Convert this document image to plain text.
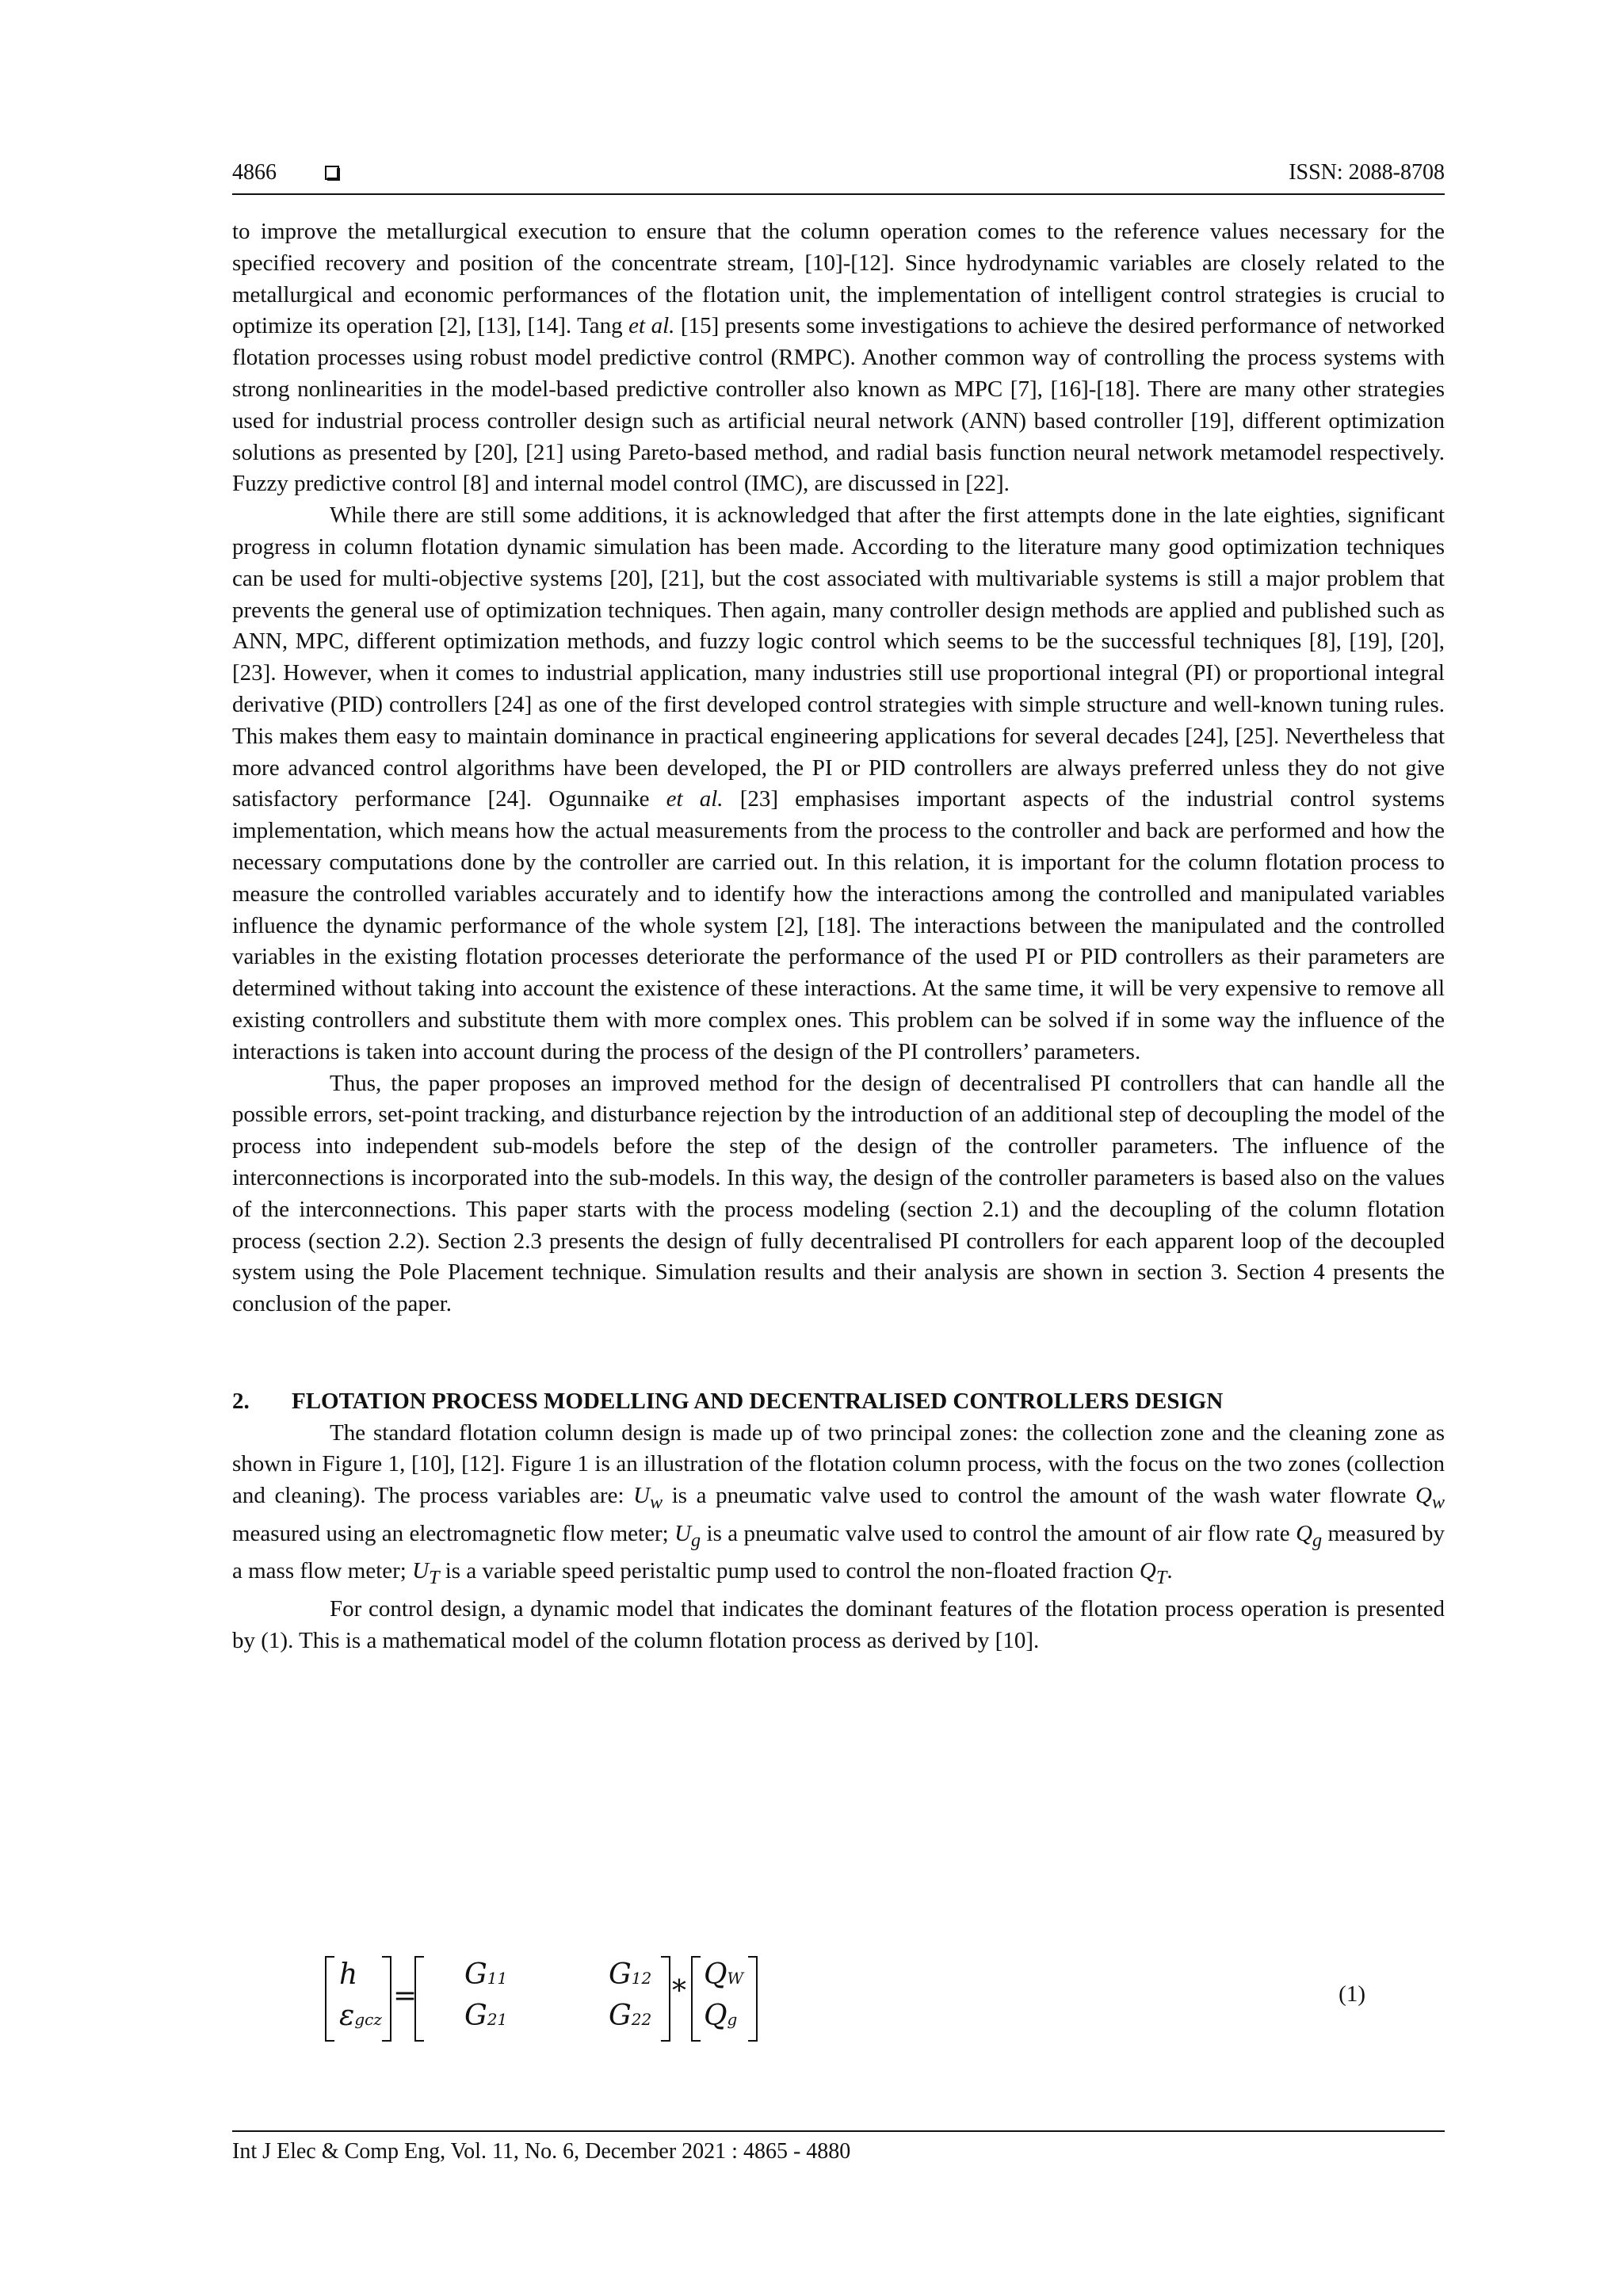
4866	ISSN: 2088-8708

to improve the metallurgical execution to ensure that the column operation comes to the reference values necessary for the specified recovery and position of the concentrate stream, [10]-[12]. Since hydrodynamic variables are closely related to the metallurgical and economic performances of the flotation unit, the implementation of intelligent control strategies is crucial to optimize its operation [2], [13], [14]. Tang et al. [15] presents some investigations to achieve the desired performance of networked flotation processes using robust model predictive control (RMPC). Another common way of controlling the process systems with strong nonlinearities in the model-based predictive controller also known as MPC [7], [16]-[18]. There are many other strategies used for industrial process controller design such as artificial neural network (ANN) based controller [19], different optimization solutions as presented by [20], [21] using Pareto-based method, and radial basis function neural network metamodel respectively. Fuzzy predictive control [8] and internal model control (IMC), are discussed in [22].

While there are still some additions, it is acknowledged that after the first attempts done in the late eighties, significant progress in column flotation dynamic simulation has been made. According to the literature many good optimization techniques can be used for multi-objective systems [20], [21], but the cost associated with multivariable systems is still a major problem that prevents the general use of optimization techniques. Then again, many controller design methods are applied and published such as ANN, MPC, different optimization methods, and fuzzy logic control which seems to be the successful techniques [8], [19], [20], [23]. However, when it comes to industrial application, many industries still use proportional integral (PI) or proportional integral derivative (PID) controllers [24] as one of the first developed control strategies with simple structure and well-known tuning rules. This makes them easy to maintain dominance in practical engineering applications for several decades [24], [25]. Nevertheless that more advanced control algorithms have been developed, the PI or PID controllers are always preferred unless they do not give satisfactory performance [24]. Ogunnaike et al. [23] emphasises important aspects of the industrial control systems implementation, which means how the actual measurements from the process to the controller and back are performed and how the necessary computations done by the controller are carried out. In this relation, it is important for the column flotation process to measure the controlled variables accurately and to identify how the interactions among the controlled and manipulated variables influence the dynamic performance of the whole system [2], [18]. The interactions between the manipulated and the controlled variables in the existing flotation processes deteriorate the performance of the used PI or PID controllers as their parameters are determined without taking into account the existence of these interactions. At the same time, it will be very expensive to remove all existing controllers and substitute them with more complex ones. This problem can be solved if in some way the influence of the interactions is taken into account during the process of the design of the PI controllers’ parameters.

Thus, the paper proposes an improved method for the design of decentralised PI controllers that can handle all the possible errors, set-point tracking, and disturbance rejection by the introduction of an additional step of decoupling the model of the process into independent sub-models before the step of the design of the controller parameters. The influence of the interconnections is incorporated into the sub-models. In this way, the design of the controller parameters is based also on the values of the interconnections. This paper starts with the process modeling (section 2.1) and the decoupling of the column flotation process (section 2.2). Section 2.3 presents the design of fully decentralised PI controllers for each apparent loop of the decoupled system using the Pole Placement technique. Simulation results and their analysis are shown in section 3. Section 4 presents the conclusion of the paper.

2. FLOTATION PROCESS MODELLING AND DECENTRALISED CONTROLLERS DESIGN

The standard flotation column design is made up of two principal zones: the collection zone and the cleaning zone as shown in Figure 1, [10], [12]. Figure 1 is an illustration of the flotation column process, with the focus on the two zones (collection and cleaning). The process variables are: $U_w$ is a pneumatic valve used to control the amount of the wash water flowrate $Q_w$ measured using an electromagnetic flow meter; $U_g$ is a pneumatic valve used to control the amount of air flow rate $Q_g$ measured by a mass flow meter; $U_T$ is a variable speed peristaltic pump used to control the non-floated fraction $Q_T$.

For control design, a dynamic model that indicates the dominant features of the flotation process operation is presented by (1). This is a mathematical model of the column flotation process as derived by [10].

h
εgcz
=
G11	G12
G21	G22
*
QW
Qg
(1)
Int J Elec & Comp Eng, Vol. 11, No. 6, December 2021 : 4865 - 4880
